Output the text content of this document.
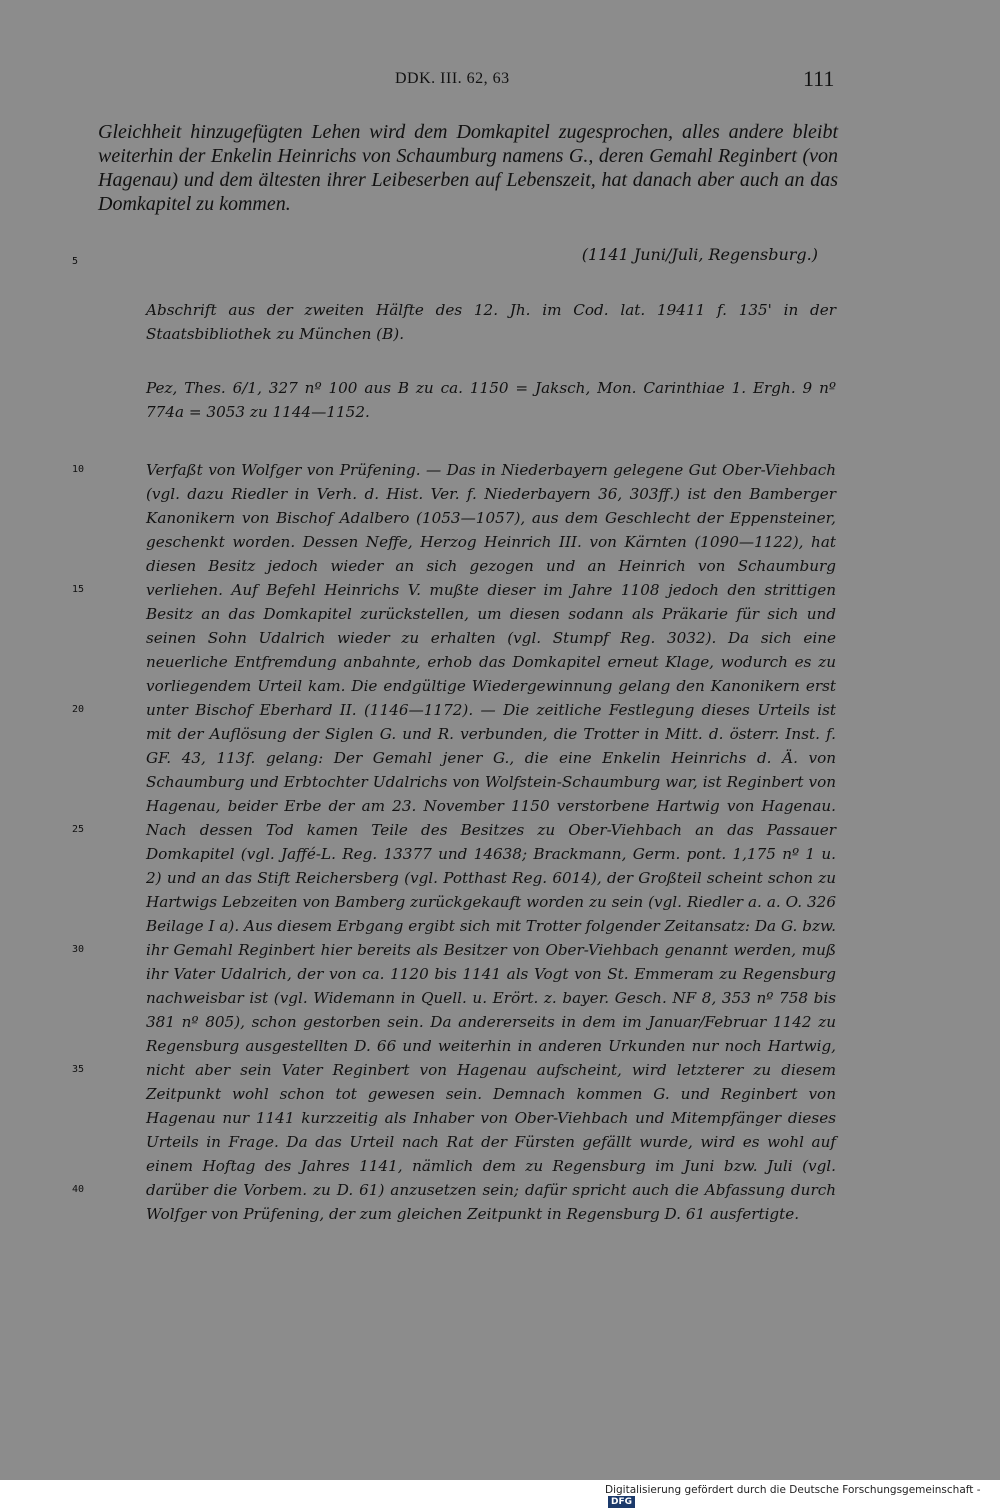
DDK. III. 62, 63	111
Gleichheit hinzugefügten Lehen wird dem Domkapitel zugesprochen, alles andere bleibt weiterhin der Enkelin Heinrichs von Schaumburg namens G., deren Gemahl Reginbert (von Hagenau) und dem ältesten ihrer Leibeserben auf Lebenszeit, hat danach aber auch an das Domkapitel zu kommen.
5	(1141 Juni/Juli, Regensburg.)
Abschrift aus der zweiten Hälfte des 12. Jh. im Cod. lat. 19411 f. 135' in der Staatsbibliothek zu München (B).
Pez, Thes. 6/1, 327 nº 100 aus B zu ca. 1150 = Jaksch, Mon. Carinthiae 1. Ergh. 9 nº 774a = 3053 zu 1144—1152.
10
15
20
25
30
35
40
Verfaßt von Wolfger von Prüfening. — Das in Niederbayern gelegene Gut Ober-Viehbach (vgl. dazu Riedler in Verh. d. Hist. Ver. f. Niederbayern 36, 303ff.) ist den Bamberger Kanonikern von Bischof Adalbero (1053—1057), aus dem Geschlecht der Eppensteiner, geschenkt worden. Dessen Neffe, Herzog Heinrich III. von Kärnten (1090—1122), hat diesen Besitz jedoch wieder an sich gezogen und an Heinrich von Schaumburg verliehen. Auf Befehl Heinrichs V. mußte dieser im Jahre 1108 jedoch den strittigen Besitz an das Domkapitel zurückstellen, um diesen sodann als Präkarie für sich und seinen Sohn Udalrich wieder zu erhalten (vgl. Stumpf Reg. 3032). Da sich eine neuerliche Entfremdung anbahnte, erhob das Domkapitel erneut Klage, wodurch es zu vorliegendem Urteil kam. Die endgültige Wiedergewinnung gelang den Kanonikern erst unter Bischof Eberhard II. (1146—1172). — Die zeitliche Festlegung dieses Urteils ist mit der Auflösung der Siglen G. und R. verbunden, die Trotter in Mitt. d. österr. Inst. f. GF. 43, 113f. gelang: Der Gemahl jener G., die eine Enkelin Heinrichs d. Ä. von Schaumburg und Erbtochter Udalrichs von Wolfstein-Schaumburg war, ist Reginbert von Hagenau, beider Erbe der am 23. November 1150 verstorbene Hartwig von Hagenau. Nach dessen Tod kamen Teile des Besitzes zu Ober-Viehbach an das Passauer Domkapitel (vgl. Jaffé-L. Reg. 13377 und 14638; Brackmann, Germ. pont. 1,175 nº 1 u. 2) und an das Stift Reichersberg (vgl. Potthast Reg. 6014), der Großteil scheint schon zu Hartwigs Lebzeiten von Bamberg zurückgekauft worden zu sein (vgl. Riedler a. a. O. 326 Beilage I a). Aus diesem Erbgang ergibt sich mit Trotter folgender Zeitansatz: Da G. bzw. ihr Gemahl Reginbert hier bereits als Besitzer von Ober-Viehbach genannt werden, muß ihr Vater Udalrich, der von ca. 1120 bis 1141 als Vogt von St. Emmeram zu Regensburg nachweisbar ist (vgl. Widemann in Quell. u. Erört. z. bayer. Gesch. NF 8, 353 nº 758 bis 381 nº 805), schon gestorben sein. Da andererseits in dem im Januar/Februar 1142 zu Regensburg ausgestellten D. 66 und weiterhin in anderen Urkunden nur noch Hartwig, nicht aber sein Vater Reginbert von Hagenau aufscheint, wird letzterer zu diesem Zeitpunkt wohl schon tot gewesen sein. Demnach kommen G. und Reginbert von Hagenau nur 1141 kurzzeitig als Inhaber von Ober-Viehbach und Mitempfänger dieses Urteils in Frage. Da das Urteil nach Rat der Fürsten gefällt wurde, wird es wohl auf einem Hoftag des Jahres 1141, nämlich dem zu Regensburg im Juni bzw. Juli (vgl. darüber die Vorbem. zu D. 61) anzusetzen sein; dafür spricht auch die Abfassung durch Wolfger von Prüfening, der zum gleichen Zeitpunkt in Regensburg D. 61 ausfertigte.
Digitalisierung gefördert durch die Deutsche Forschungsgemeinschaft -DFG
